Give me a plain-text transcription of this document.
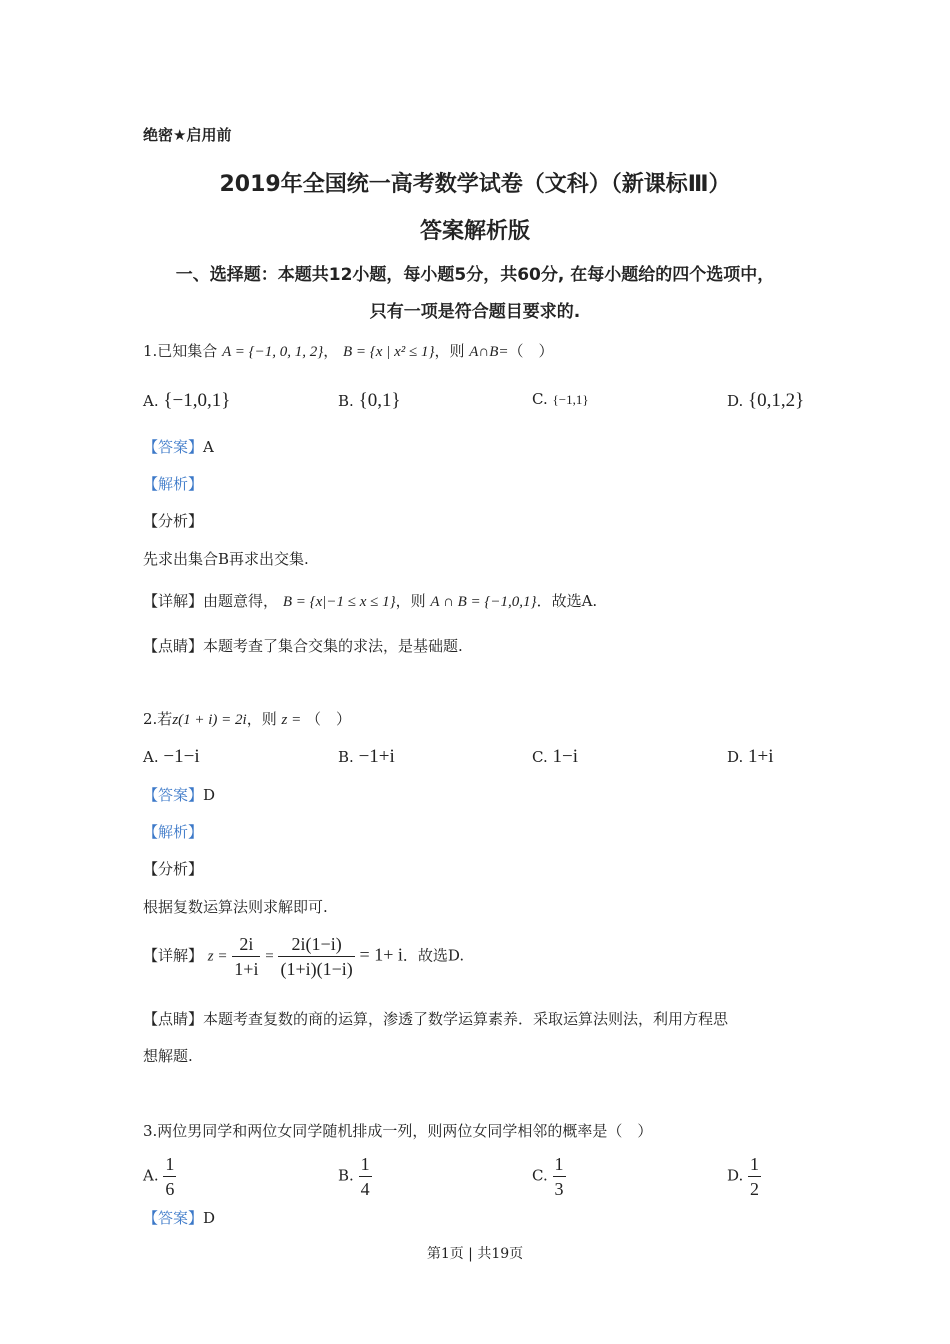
绝密★启用前
2019年全国统一高考数学试卷（文科）（新课标Ⅲ）
答案解析版
一、选择题：本题共12小题，每小题5分，共60分, 在每小题给的四个选项中，
只有一项是符合题目要求的.
1.已知集合 A = {−1, 0, 1, 2}， B = {x | x² ≤ 1}，则 A∩B=（　）
A. {−1,0,1}	B. {0,1}	C. {−1,1}	D. {0,1,2}
【答案】A
【解析】
【分析】
先求出集合B再求出交集.
【详解】由题意得， B = {x|−1 ≤ x ≤ 1}，则 A ∩ B = {−1,0,1}．故选A.
【点睛】本题考查了集合交集的求法，是基础题.
2.若z(1 + i) = 2i，则 z = （　）
A. −1−i	B. −1+i	C. 1−i	D. 1+i
【答案】D
【解析】
【分析】
根据复数运算法则求解即可.
【详解】 $z = \frac{2i}{1+i} = \frac{2i(1-i)}{(1+i)(1-i)} = 1+ i$．故选D.
【点睛】本题考查复数的商的运算，渗透了数学运算素养．采取运算法则法，利用方程思
想解题.
3.两位男同学和两位女同学随机排成一列，则两位女同学相邻的概率是（　）
A. $\frac{1}{6}$	B. $\frac{1}{4}$	C. $\frac{1}{3}$	D. $\frac{1}{2}$
【答案】D
第1页 | 共19页
